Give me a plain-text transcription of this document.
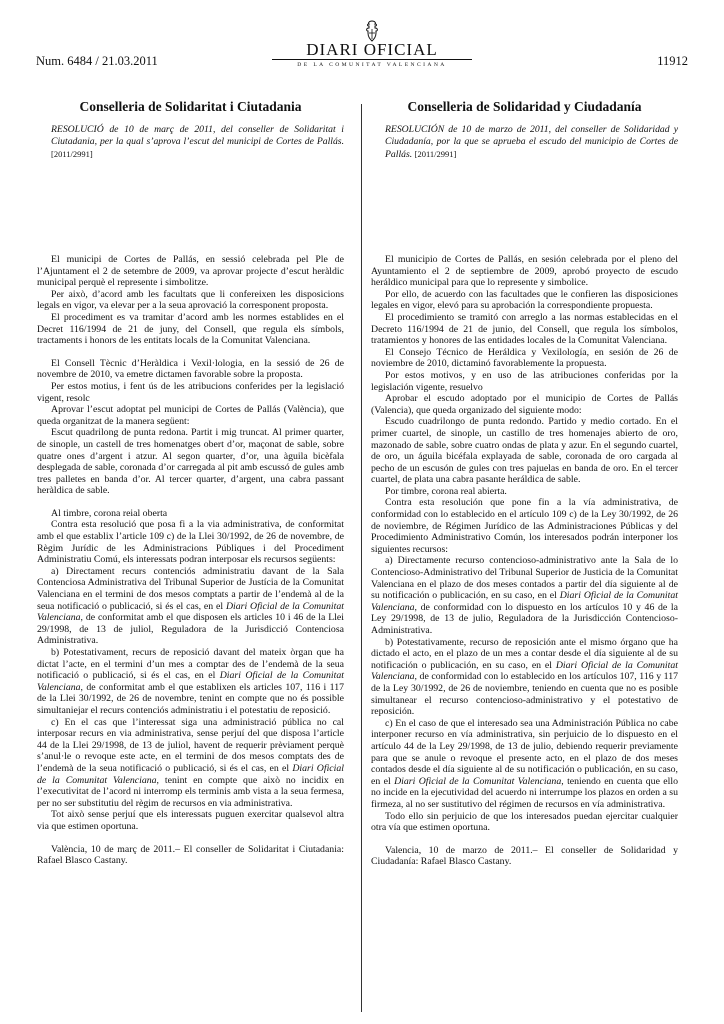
Num. 6484 / 21.03.2011
DIARI OFICIAL
DE LA COMUNITAT VALENCIANA	11912
Conselleria de Solidaritat i Ciutadania
RESOLUCIÓ de 10 de març de 2011, del conseller de Solidaritat i Ciutadania, per la qual s’aprova l’escut del municipi de Cortes de Pallás. [2011/2991]

El municipi de Cortes de Pallás, en sessió celebrada pel Ple de l’Ajuntament el 2 de setembre de 2009, va aprovar projecte d’escut heràldic municipal perquè el represente i simbolitze.

Per això, d’acord amb les facultats que li confereixen les disposicions legals en vigor, va elevar per a la seua aprovació la corresponent proposta.

El procediment es va tramitar d’acord amb les normes establides en el Decret 116/1994 de 21 de juny, del Consell, que regula els símbols, tractaments i honors de les entitats locals de la Comunitat Valenciana.

El Consell Tècnic d’Heràldica i Vexil·lologia, en la sessió de 26 de novembre de 2010, va emetre dictamen favorable sobre la proposta.

Per estos motius, i fent ús de les atribucions conferides per la legislació vigent, resolc

Aprovar l’escut adoptat pel municipi de Cortes de Pallás (València), que queda organitzat de la manera següent:

Escut quadrilong de punta redona. Partit i mig truncat. Al primer quarter, de sinople, un castell de tres homenatges obert d’or, maçonat de sable, sobre quatre ones d’argent i atzur. Al segon quarter, d’or, una àguila bicèfala desplegada de sable, coronada d’or carregada al pit amb escussó de gules amb tres palletes en banda d’or. Al tercer quarter, d’argent, una cabra passant heràldica de sable.

Al timbre, corona reial oberta

Contra esta resolució que posa fi a la via administrativa, de conformitat amb el que establix l’article 109 c) de la Llei 30/1992, de 26 de novembre, de Règim Jurídic de les Administracions Públiques i del Procediment Administratiu Comú, els interessats podran interposar els recursos següents:

a) Directament recurs contenciós administratiu davant de la Sala Contenciosa Administrativa del Tribunal Superior de Justícia de la Comunitat Valenciana en el termini de dos mesos comptats a partir de l’endemà al de la seua notificació o publicació, si és el cas, en el Diari Oficial de la Comunitat Valenciana, de conformitat amb el que disposen els articles 10 i 46 de la Llei 29/1998, de 13 de juliol, Reguladora de la Jurisdicció Contenciosa Administrativa.

b) Potestativament, recurs de reposició davant del mateix òrgan que ha dictat l’acte, en el termini d’un mes a comptar des de l’endemà de la seua notificació o publicació, si és el cas, en el Diari Oficial de la Comunitat Valenciana, de conformitat amb el que establixen els articles 107, 116 i 117 de la Llei 30/1992, de 26 de novembre, tenint en compte que no és possible simultaniejar el recurs contenciós administratiu i el potestatiu de reposició.

c) En el cas que l’interessat siga una administració pública no cal interposar recurs en via administrativa, sense perjuí del que disposa l’article 44 de la Llei 29/1998, de 13 de juliol, havent de requerir prèviament perquè s’anul·le o revoque este acte, en el termini de dos mesos comptats des de l’endemà de la seua notificació o publicació, si és el cas, en el Diari Oficial de la Comunitat Valenciana, tenint en compte que això no incidix en l’executivitat de l’acord ni interromp els terminis amb vista a la seua fermesa, per no ser substitutiu del règim de recursos en via administrativa.

Tot això sense perjuí que els interessats puguen exercitar qualsevol altra via que estimen oportuna.

València, 10 de març de 2011.– El conseller de Solidaritat i Ciutadania: Rafael Blasco Castany.

Conselleria de Solidaridad y Ciudadanía
RESOLUCIÓN de 10 de marzo de 2011, del conseller de Solidaridad y Ciudadanía, por la que se aprueba el escudo del municipio de Cortes de Pallás. [2011/2991]

El municipio de Cortes de Pallás, en sesión celebrada por el pleno del Ayuntamiento el 2 de septiembre de 2009, aprobó proyecto de escudo heráldico municipal para que lo represente y simbolice.

Por ello, de acuerdo con las facultades que le confieren las disposiciones legales en vigor, elevó para su aprobación la correspondiente propuesta.

El procedimiento se tramitó con arreglo a las normas establecidas en el Decreto 116/1994 de 21 de junio, del Consell, que regula los símbolos, tratamientos y honores de las entidades locales de la Comunitat Valenciana.

El Consejo Técnico de Heráldica y Vexilología, en sesión de 26 de noviembre de 2010, dictaminó favorablemente la propuesta.

Por estos motivos, y en uso de las atribuciones conferidas por la legislación vigente, resuelvo

Aprobar el escudo adoptado por el municipio de Cortes de Pallás (Valencia), que queda organizado del siguiente modo:

Escudo cuadrilongo de punta redondo. Partido y medio cortado. En el primer cuartel, de sinople, un castillo de tres homenajes abierto de oro, mazonado de sable, sobre cuatro ondas de plata y azur. En el segundo cuartel, de oro, un águila bicéfala explayada de sable, coronada de oro cargada al pecho de un escusón de gules con tres pajuelas en banda de oro. En el tercer cuartel, de plata una cabra pasante heráldica de sable.

Por timbre, corona real abierta.

Contra esta resolución que pone fin a la vía administrativa, de conformidad con lo establecido en el artículo 109 c) de la Ley 30/1992, de 26 de noviembre, de Régimen Jurídico de las Administraciones Públicas y del Procedimiento Administrativo Común, los interesados podrán interponer los siguientes recursos:

a) Directamente recurso contencioso-administrativo ante la Sala de lo Contencioso-Administrativo del Tribunal Superior de Justicia de la Comunitat Valenciana en el plazo de dos meses contados a partir del día siguiente al de su notificación o publicación, en su caso, en el Diari Oficial de la Comunitat Valenciana, de conformidad con lo dispuesto en los artículos 10 y 46 de la Ley 29/1998, de 13 de julio, Reguladora de la Jurisdicción Contencioso-Administrativa.

b) Potestativamente, recurso de reposición ante el mismo órgano que ha dictado el acto, en el plazo de un mes a contar desde el día siguiente al de su notificación o publicación, en su caso, en el Diari Oficial de la Comunitat Valenciana, de conformidad con lo establecido en los artículos 107, 116 y 117 de la Ley 30/1992, de 26 de noviembre, teniendo en cuenta que no es posible simultanear el recurso contencioso-administrativo y el potestativo de reposición.

c) En el caso de que el interesado sea una Administración Pública no cabe interponer recurso en vía administrativa, sin perjuicio de lo dispuesto en el artículo 44 de la Ley 29/1998, de 13 de julio, debiendo requerir previamente para que se anule o revoque el presente acto, en el plazo de dos meses contados desde el día siguiente al de su notificación o publicación, en su caso, en el Diari Oficial de la Comunitat Valenciana, teniendo en cuenta que ello no incide en la ejecutividad del acuerdo ni interrumpe los plazos en orden a su firmeza, al no ser sustitutivo del régimen de recursos en vía administrativa.

Todo ello sin perjuicio de que los interesados puedan ejercitar cualquier otra vía que estimen oportuna.

Valencia, 10 de marzo de 2011.– El conseller de Solidaridad y Ciudadanía: Rafael Blasco Castany.
